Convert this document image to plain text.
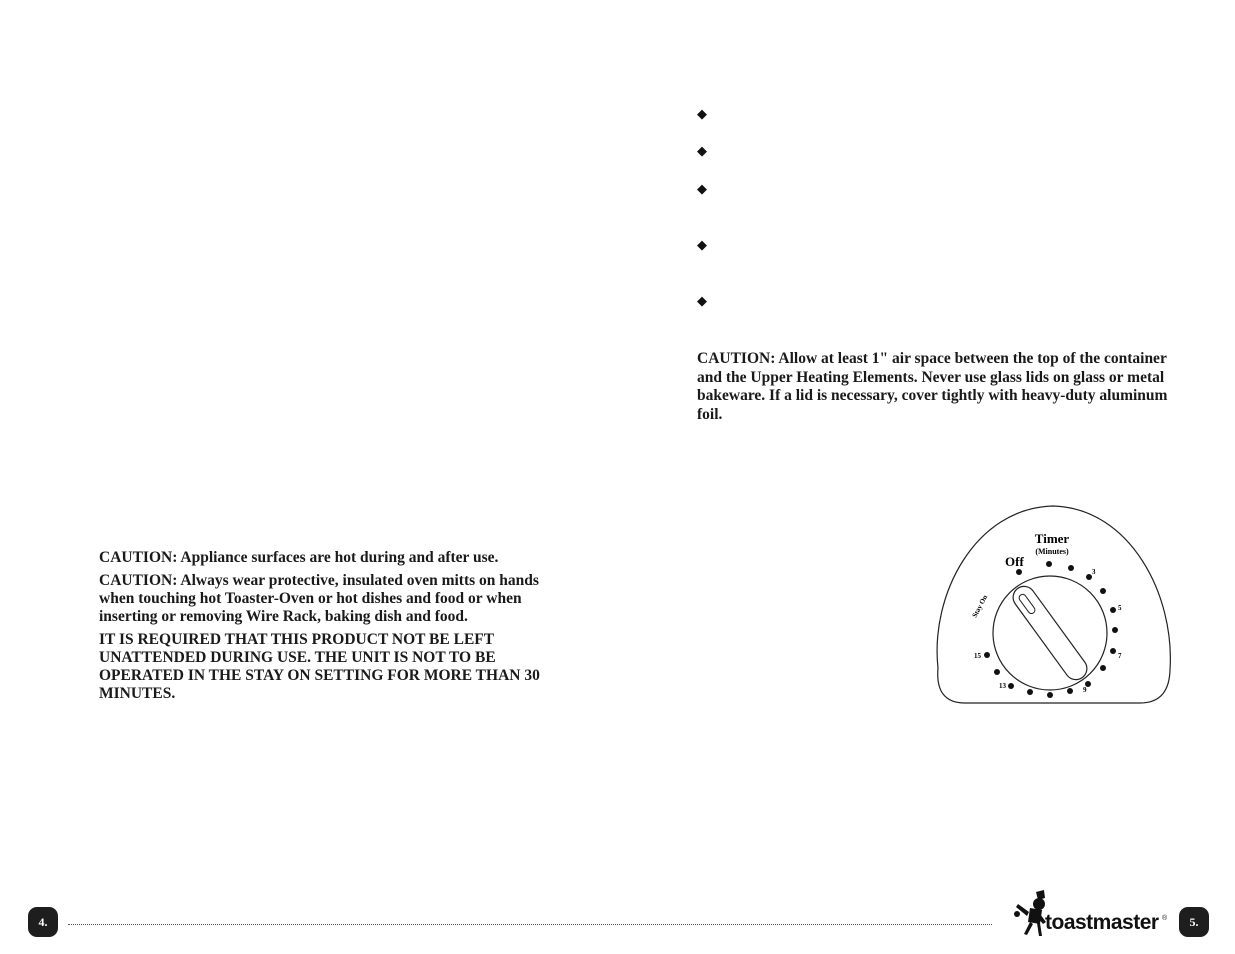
◆
◆
◆
◆
◆
CAUTION: Allow at least 1" air space between the top of the container and the Upper Heating Elements. Never use glass lids on glass or metal bakeware. If a lid is necessary, cover tightly with heavy-duty aluminum foil.

CAUTION: Appliance surfaces are hot during and after use.

CAUTION: Always wear protective, insulated oven mitts on hands when touching hot Toaster-Oven or hot dishes and food or when inserting or removing Wire Rack, baking dish and food.

IT IS REQUIRED THAT THIS PRODUCT NOT BE LEFT UNATTENDED DURING USE. THE UNIT IS NOT TO BE OPERATED IN THE STAY ON SETTING FOR MORE THAN 30 MINUTES.

Timer
(Minutes)
Off
Stay On
3
5
7
9
13
15
4.	toastmaster ®	5.
